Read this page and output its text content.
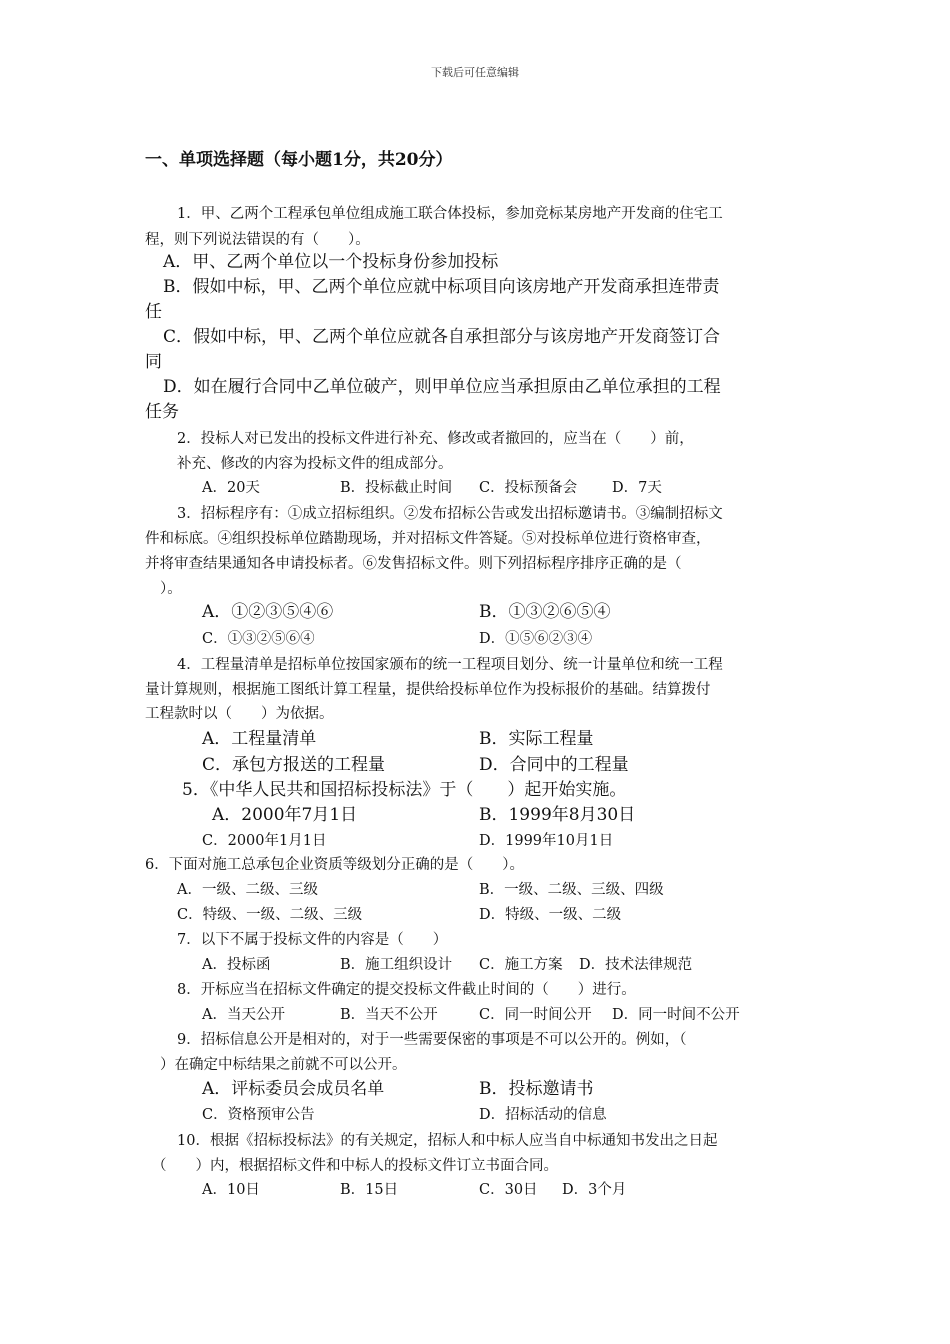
下载后可任意编辑
一、单项选择题（每小题1分，共20分）
1．甲、乙两个工程承包单位组成施工联合体投标，参加竞标某房地产开发商的住宅工
程，则下列说法错误的有（　　）。
A．甲、乙两个单位以一个投标身份参加投标
B．假如中标，甲、乙两个单位应就中标项目向该房地产开发商承担连带责
任
C．假如中标，甲、乙两个单位应就各自承担部分与该房地产开发商签订合
同
D．如在履行合同中乙单位破产，则甲单位应当承担原由乙单位承担的工程
任务
2．投标人对已发出的投标文件进行补充、修改或者撤回的，应当在（　　）前，
补充、修改的内容为投标文件的组成部分。
A．20天	B．投标截止时间 C．投标预备会 D．7天
3．招标程序有：①成立招标组织。②发布招标公告或发出招标邀请书。③编制招标文
件和标底。④组织投标单位踏勘现场，并对招标文件答疑。⑤对投标单位进行资格审查，
并将审查结果通知各申请投标者。⑥发售招标文件。则下列招标程序排序正确的是（
）。
A．①②③⑤④⑥	B．①③②⑥⑤④
C．①③②⑤⑥④	D．①⑤⑥②③④
4．工程量清单是招标单位按国家颁布的统一工程项目划分、统一计量单位和统一工程
量计算规则，根据施工图纸计算工程量，提供给投标单位作为投标报价的基础。结算拨付
工程款时以（　　）为依据。
A．工程量清单	B．实际工程量
C．承包方报送的工程量	D．合同中的工程量
5．《中华人民共和国招标投标法》于（　　）起开始实施。
A．2000年7月1日	B．1999年8月30日
C．2000年1月1日	D．1999年10月1日
6．下面对施工总承包企业资质等级划分正确的是（　　）。
A．一级、二级、三级	B．一级、二级、三级、四级
C．特级、一级、二级、三级	D．特级、一级、二级
7．以下不属于投标文件的内容是（　　）
A．投标函	B．施工组织设计 C．施工方案 D．技术法律规范
8．开标应当在招标文件确定的提交投标文件截止时间的（　　）进行。
A．当天公开	B．当天不公开	C．同一时间公开 D．同一时间不公开
9．招标信息公开是相对的，对于一些需要保密的事项是不可以公开的。例如，（
）在确定中标结果之前就不可以公开。
A．评标委员会成员名单	B．投标邀请书
C．资格预审公告	D．招标活动的信息
10．根据《招标投标法》的有关规定，招标人和中标人应当自中标通知书发出之日起
（　　）内，根据招标文件和中标人的投标文件订立书面合同。
A．10日	B．15日	C．30日 D．3个月
